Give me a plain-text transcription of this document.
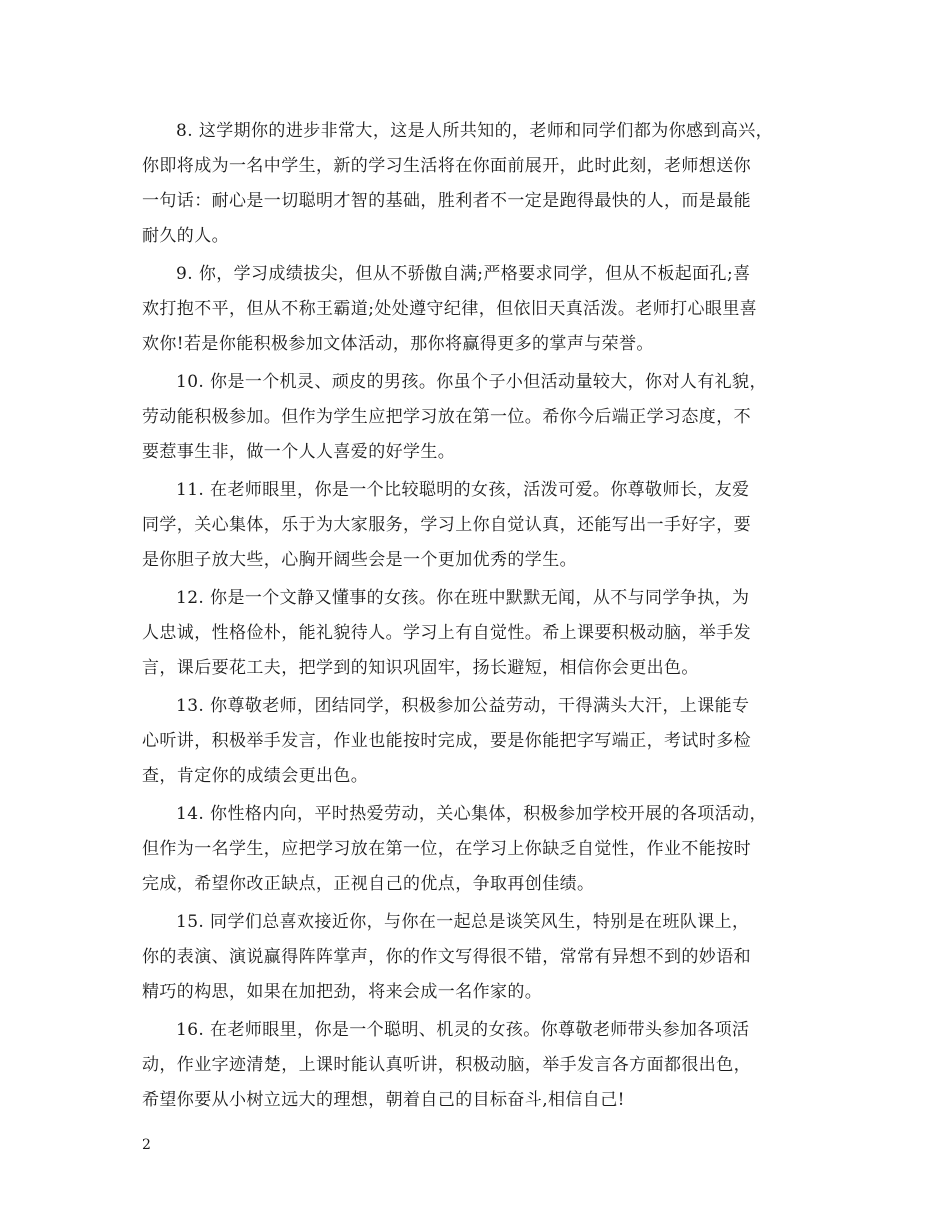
8. 这学期你的进步非常大，这是人所共知的，老师和同学们都为你感到高兴，
你即将成为一名中学生，新的学习生活将在你面前展开，此时此刻，老师想送你
一句话：耐心是一切聪明才智的基础，胜利者不一定是跑得最快的人，而是最能
耐久的人。

9. 你，学习成绩拔尖，但从不骄傲自满;严格要求同学，但从不板起面孔;喜
欢打抱不平，但从不称王霸道;处处遵守纪律，但依旧天真活泼。老师打心眼里喜
欢你!若是你能积极参加文体活动，那你将赢得更多的掌声与荣誉。

10. 你是一个机灵、顽皮的男孩。你虽个子小但活动量较大，你对人有礼貌，
劳动能积极参加。但作为学生应把学习放在第一位。希你今后端正学习态度，不
要惹事生非，做一个人人喜爱的好学生。

11. 在老师眼里，你是一个比较聪明的女孩，活泼可爱。你尊敬师长，友爱
同学，关心集体，乐于为大家服务，学习上你自觉认真，还能写出一手好字，要
是你胆子放大些，心胸开阔些会是一个更加优秀的学生。

12. 你是一个文静又懂事的女孩。你在班中默默无闻，从不与同学争执，为
人忠诚，性格俭朴，能礼貌待人。学习上有自觉性。希上课要积极动脑，举手发
言，课后要花工夫，把学到的知识巩固牢，扬长避短，相信你会更出色。

13. 你尊敬老师，团结同学，积极参加公益劳动，干得满头大汗，上课能专
心听讲，积极举手发言，作业也能按时完成，要是你能把字写端正，考试时多检
查，肯定你的成绩会更出色。

14. 你性格内向，平时热爱劳动，关心集体，积极参加学校开展的各项活动，
但作为一名学生，应把学习放在第一位，在学习上你缺乏自觉性，作业不能按时
完成，希望你改正缺点，正视自己的优点，争取再创佳绩。

15. 同学们总喜欢接近你，与你在一起总是谈笑风生，特别是在班队课上，
你的表演、演说赢得阵阵掌声，你的作文写得很不错，常常有异想不到的妙语和
精巧的构思，如果在加把劲，将来会成一名作家的。

16. 在老师眼里，你是一个聪明、机灵的女孩。你尊敬老师带头参加各项活
动，作业字迹清楚，上课时能认真听讲，积极动脑，举手发言各方面都很出色，
希望你要从小树立远大的理想，朝着自己的目标奋斗,相信自己!

2
